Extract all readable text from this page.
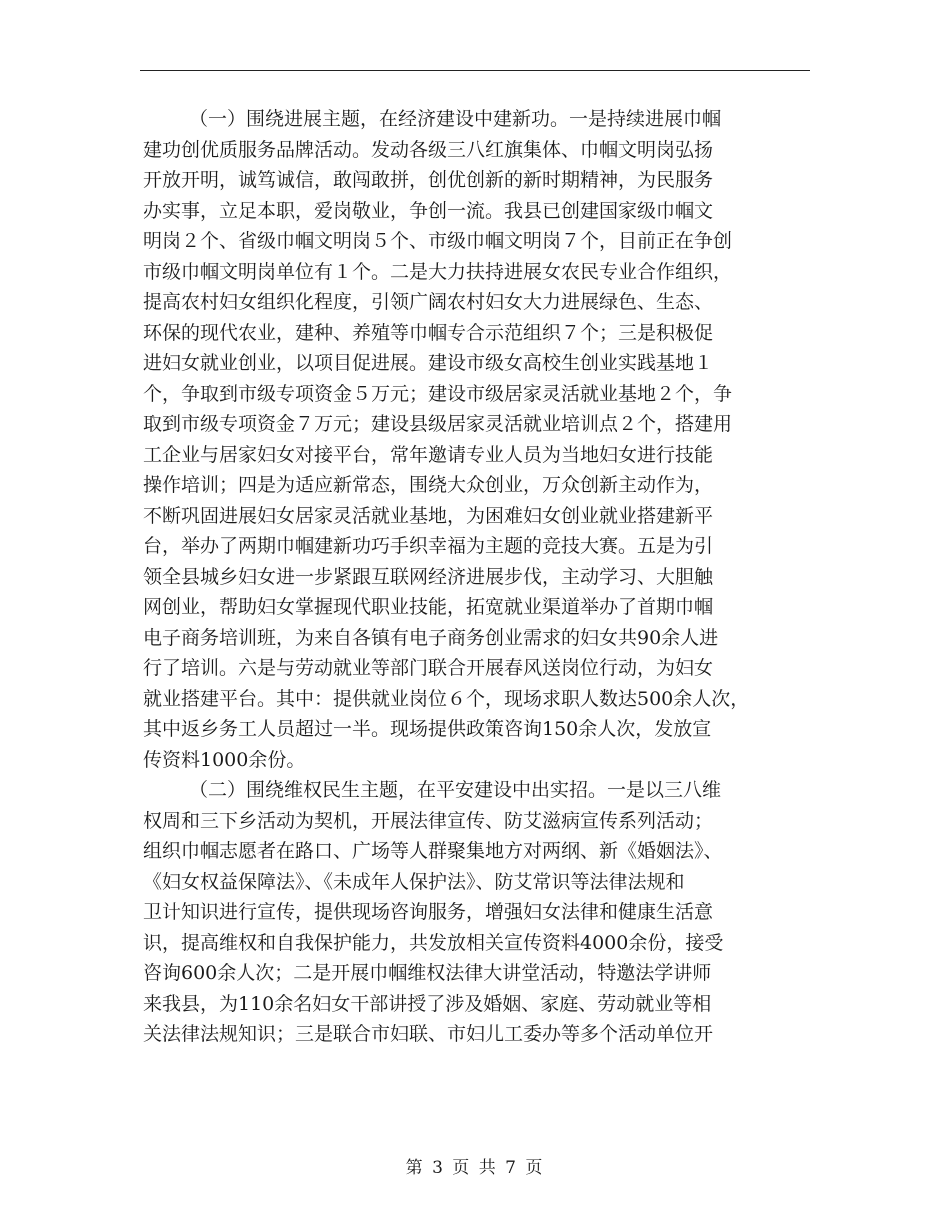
（一）围绕进展主题，在经济建设中建新功。一是持续进展巾帼
建功创优质服务品牌活动。发动各级三八红旗集体、巾帼文明岗弘扬
开放开明，诚笃诚信，敢闯敢拼，创优创新的新时期精神，为民服务
办实事，立足本职，爱岗敬业，争创一流。我县已创建国家级巾帼文
明岗２个、省级巾帼文明岗５个、市级巾帼文明岗７个，目前正在争创
市级巾帼文明岗单位有１个。二是大力扶持进展女农民专业合作组织，
提高农村妇女组织化程度，引领广阔农村妇女大力进展绿色、生态、
环保的现代农业，建种、养殖等巾帼专合示范组织７个；三是积极促
进妇女就业创业，以项目促进展。建设市级女高校生创业实践基地１
个，争取到市级专项资金５万元；建设市级居家灵活就业基地２个，争
取到市级专项资金７万元；建设县级居家灵活就业培训点２个，搭建用
工企业与居家妇女对接平台，常年邀请专业人员为当地妇女进行技能
操作培训；四是为适应新常态，围绕大众创业，万众创新主动作为，
不断巩固进展妇女居家灵活就业基地，为困难妇女创业就业搭建新平
台，举办了两期巾帼建新功巧手织幸福为主题的竞技大赛。五是为引
领全县城乡妇女进一步紧跟互联网经济进展步伐，主动学习、大胆触
网创业，帮助妇女掌握现代职业技能，拓宽就业渠道举办了首期巾帼
电子商务培训班，为来自各镇有电子商务创业需求的妇女共90余人进
行了培训。六是与劳动就业等部门联合开展春风送岗位行动，为妇女
就业搭建平台。其中：提供就业岗位６个，现场求职人数达500余人次，
其中返乡务工人员超过一半。现场提供政策咨询150余人次，发放宣
传资料1000余份。
（二）围绕维权民生主题，在平安建设中出实招。一是以三八维
权周和三下乡活动为契机，开展法律宣传、防艾滋病宣传系列活动；
组织巾帼志愿者在路口、广场等人群聚集地方对两纲、新《婚姻法》、
《妇女权益保障法》、《未成年人保护法》、防艾常识等法律法规和
卫计知识进行宣传，提供现场咨询服务，增强妇女法律和健康生活意
识，提高维权和自我保护能力，共发放相关宣传资料4000余份，接受
咨询600余人次；二是开展巾帼维权法律大讲堂活动，特邀法学讲师
来我县，为110余名妇女干部讲授了涉及婚姻、家庭、劳动就业等相
关法律法规知识；三是联合市妇联、市妇儿工委办等多个活动单位开
第 3 页 共 7 页
